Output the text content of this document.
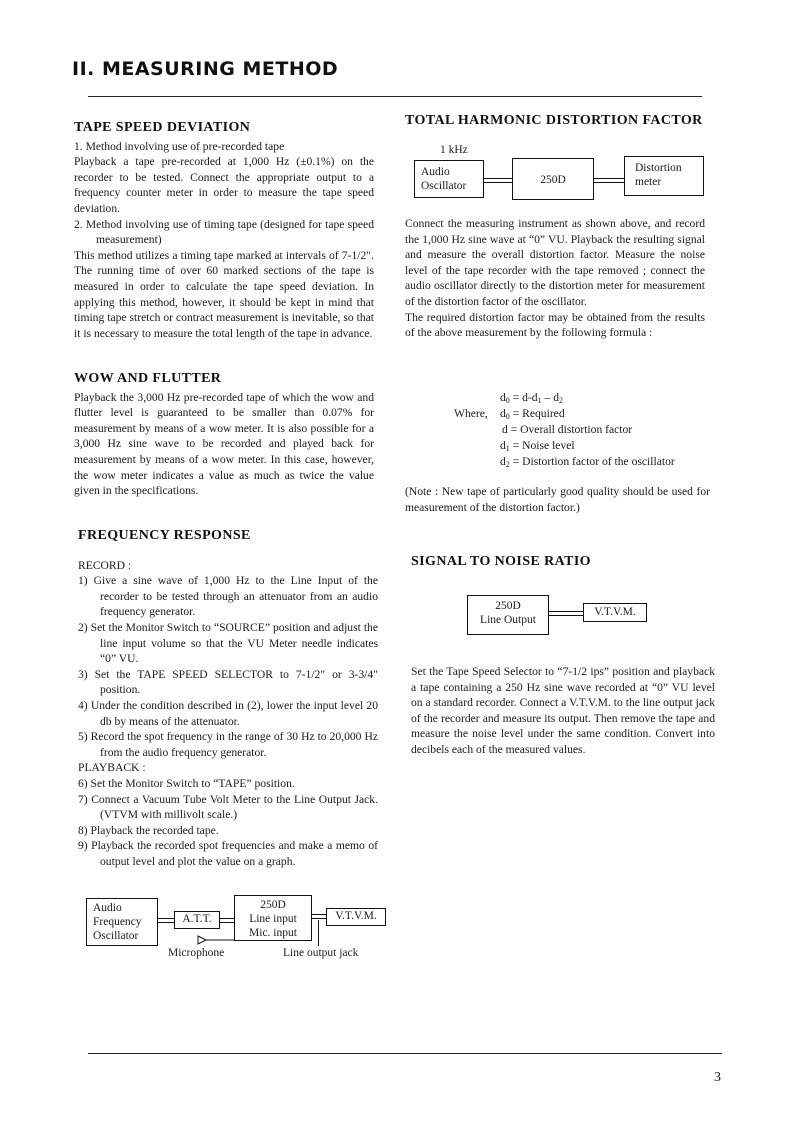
II. MEASURING METHOD
TAPE SPEED DEVIATION
1. Method involving use of pre-recorded tape

Playback a tape pre-recorded at 1,000 Hz (±0.1%) on the recorder to be tested. Connect the appropriate output to a frequency counter meter in order to measure the tape speed deviation.

2. Method involving use of timing tape (designed for tape speed measurement)

This method utilizes a timing tape marked at intervals of 7-1/2″. The running time of over 60 marked sections of the tape is measured in order to calculate the tape speed deviation. In applying this method, however, it should be kept in mind that timing tape stretch or contract measurement is inevitable, so that it is necessary to measure the total length of the tape in advance.

WOW AND FLUTTER

Playback the 3,000 Hz pre-recorded tape of which the wow and flutter level is guaranteed to be smaller than 0.07% for measurement by means of a wow meter. It is also possible for a 3,000 Hz sine wave to be recorded and played back for measurement by means of a wow meter. In this case, however, the wow meter indicates a value as much as twice the value given in the specifications.

FREQUENCY RESPONSE
RECORD :
1) Give a sine wave of 1,000 Hz to the Line Input of the recorder to be tested through an attenuator from an audio frequency generator.
2) Set the Monitor Switch to “SOURCE” position and adjust the line input volume so that the VU Meter needle indicates “0” VU.
3) Set the TAPE SPEED SELECTOR to 7-1/2″ or 3-3/4″ position.
4) Under the condition described in (2), lower the input level 20 db by means of the attenuator.
5) Record the spot frequency in the range of 30 Hz to 20,000 Hz from the audio frequency generator.
PLAYBACK :
6) Set the Monitor Switch to “TAPE” position.
7) Connect a Vacuum Tube Volt Meter to the Line Output Jack. (VTVM with millivolt scale.)
8) Playback the recorded tape.
9) Playback the recorded spot frequencies and make a memo of output level and plot the value on a graph.
Audio
Frequency
Oscillator
A.T.T.
250D
Line input
Mic. input
V.T.V.M.
Microphone	Line output jack
TOTAL HARMONIC DISTORTION FACTOR
1 kHz
Audio
Oscillator	250D
Distortion
meter

Connect the measuring instrument as shown above, and record the 1,000 Hz sine wave at “0” VU. Playback the resulting signal and measure the overall distortion factor. Measure the noise level of the tape recorder with the tape removed ; connect the audio oscillator directly to the distortion meter for measurement of the distortion factor of the oscillator.

The required distortion factor may be obtained from the results of the above measurement by the following formula :

$d_0 = d-d_1 - d_2$
Where, $d_0$ = Required
d = Overall distortion factor
$d_1$ = Noise level
$d_2$ = Distortion factor of the oscillator

(Note : New tape of particularly good quality should be used for measurement of the distortion factor.)

SIGNAL TO NOISE RATIO
250D
Line Output
V.T.V.M.

Set the Tape Speed Selector to “7-1/2 ips” position and playback a tape containing a 250 Hz sine wave recorded at “0” VU level on a standard recorder. Connect a V.T.V.M. to the line output jack of the recorder and measure its output. Then remove the tape and measure the noise level under the same condition. Convert into decibels each of the measured values.

3
